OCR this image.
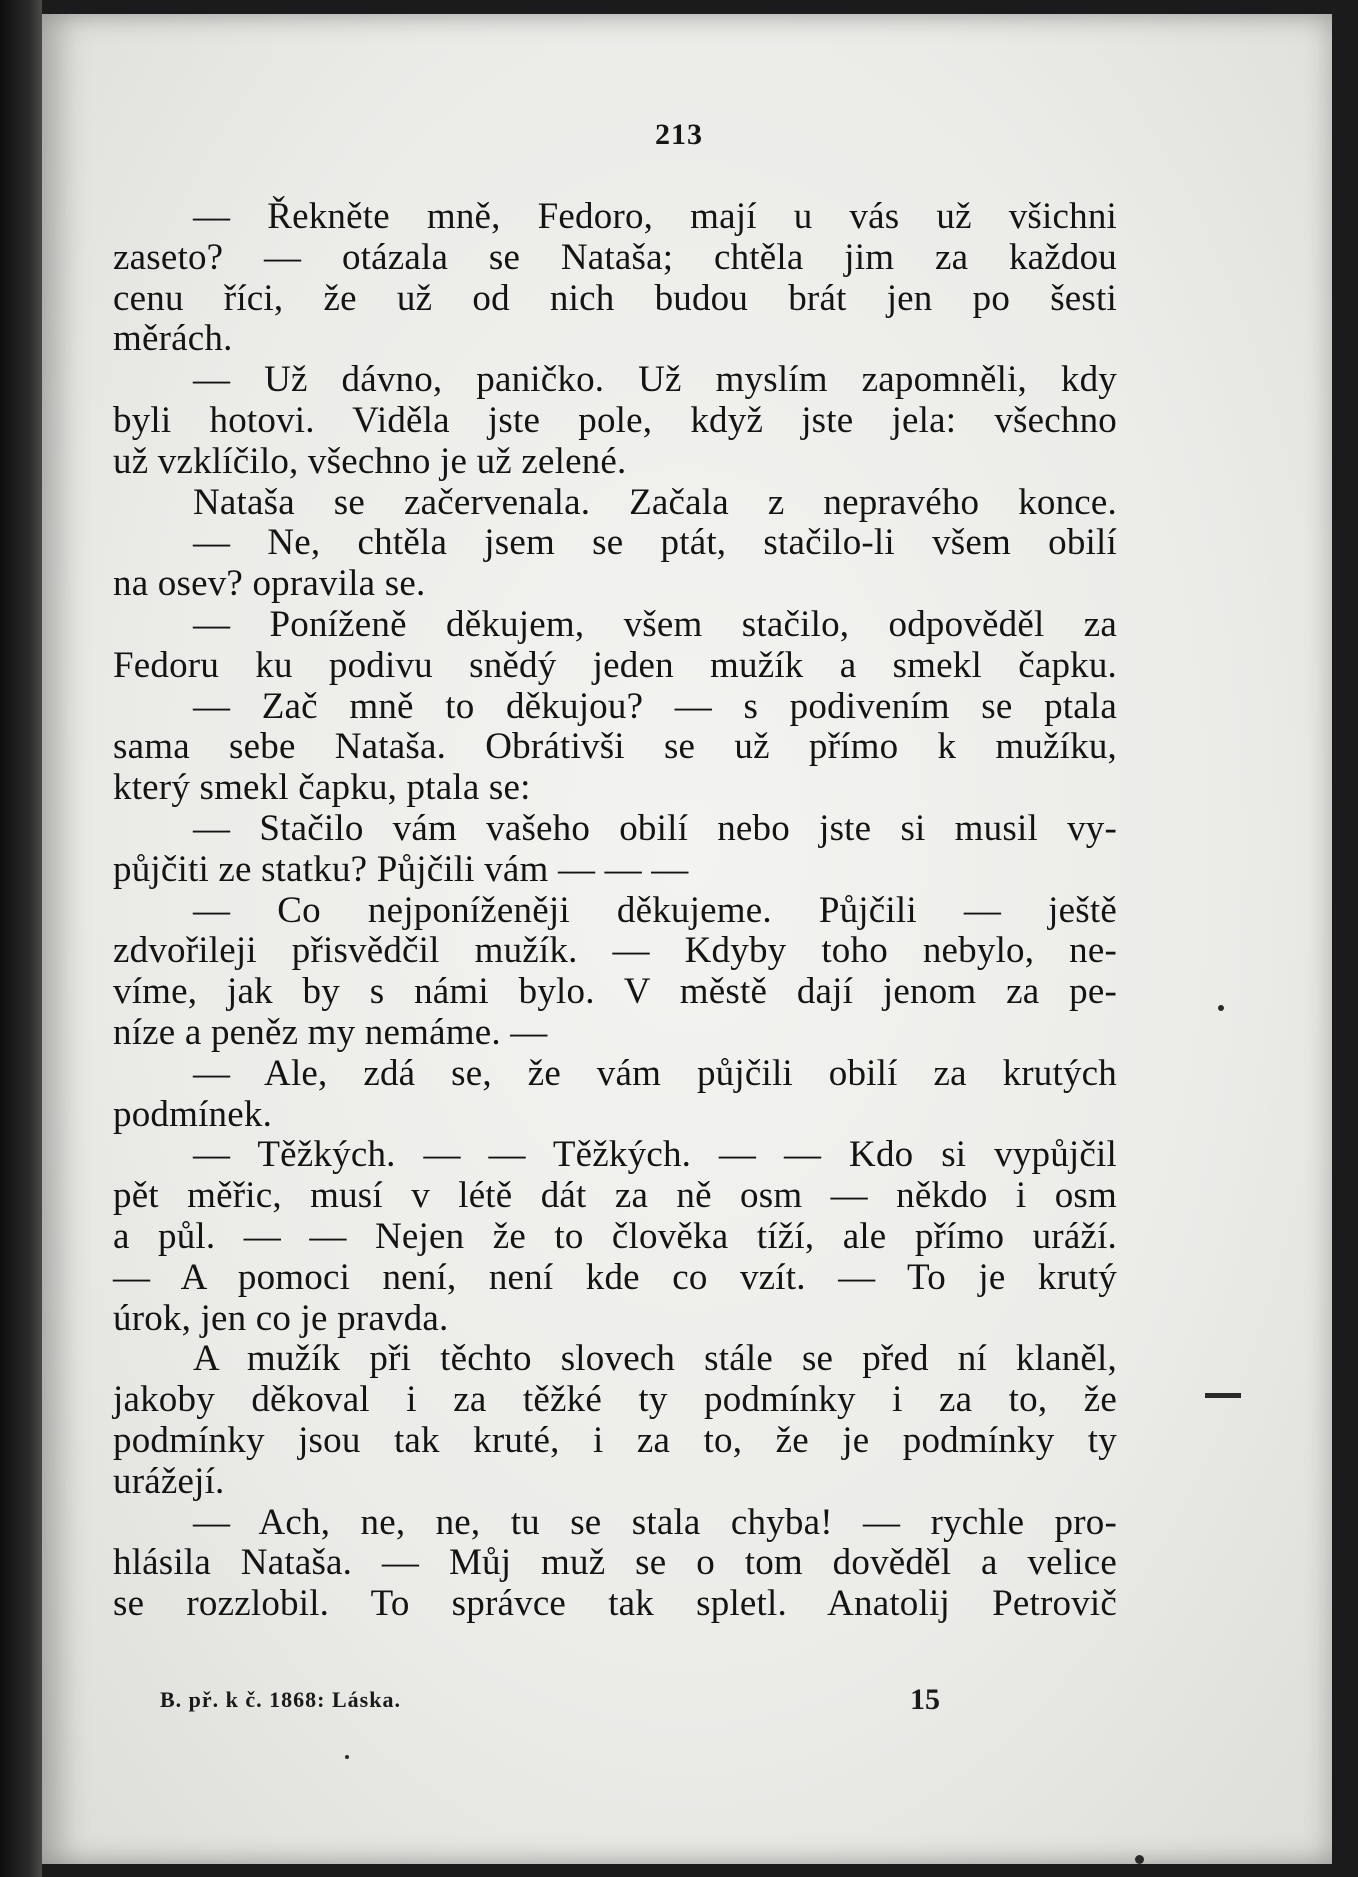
213
— Řekněte mně, Fedoro, mají u vás už všichni
zaseto? — otázala se Nataša; chtěla jim za každou
cenu říci, že už od nich budou brát jen po šesti
měrách.
— Už dávno, paničko. Už myslím zapomněli, kdy
byli hotovi. Viděla jste pole, když jste jela: všechno
už vzklíčilo, všechno je už zelené.
Nataša se začervenala. Začala z nepravého konce.
— Ne, chtěla jsem se ptát, stačilo-li všem obilí
na osev? opravila se.
— Poníženě děkujem, všem stačilo, odpověděl za
Fedoru ku podivu snědý jeden mužík a smekl čapku.
— Zač mně to děkujou? — s podivením se ptala
sama sebe Nataša. Obrátivši se už přímo k mužíku,
který smekl čapku, ptala se:
— Stačilo vám vašeho obilí nebo jste si musil vy-
půjčiti ze statku? Půjčili vám — — —
— Co nejponíženěji děkujeme. Půjčili — ještě
zdvořileji přisvědčil mužík. — Kdyby toho nebylo, ne-
víme, jak by s námi bylo. V městě dají jenom za pe-
níze a peněz my nemáme. —
— Ale, zdá se, že vám půjčili obilí za krutých
podmínek.
— Těžkých. — — Těžkých. — — Kdo si vypůjčil
pět měřic, musí v létě dát za ně osm — někdo i osm
a půl. — — Nejen že to člověka tíží, ale přímo uráží.
— A pomoci není, není kde co vzít. — To je krutý
úrok, jen co je pravda.
A mužík při těchto slovech stále se před ní klaněl,
jakoby děkoval i za těžké ty podmínky i za to, že
podmínky jsou tak kruté, i za to, že je podmínky ty
urážejí.
— Ach, ne, ne, tu se stala chyba! — rychle pro-
hlásila Nataša. — Můj muž se o tom dověděl a velice
se rozzlobil. To správce tak spletl. Anatolij Petrovič
B. př. k č. 1868: Láska.	15
